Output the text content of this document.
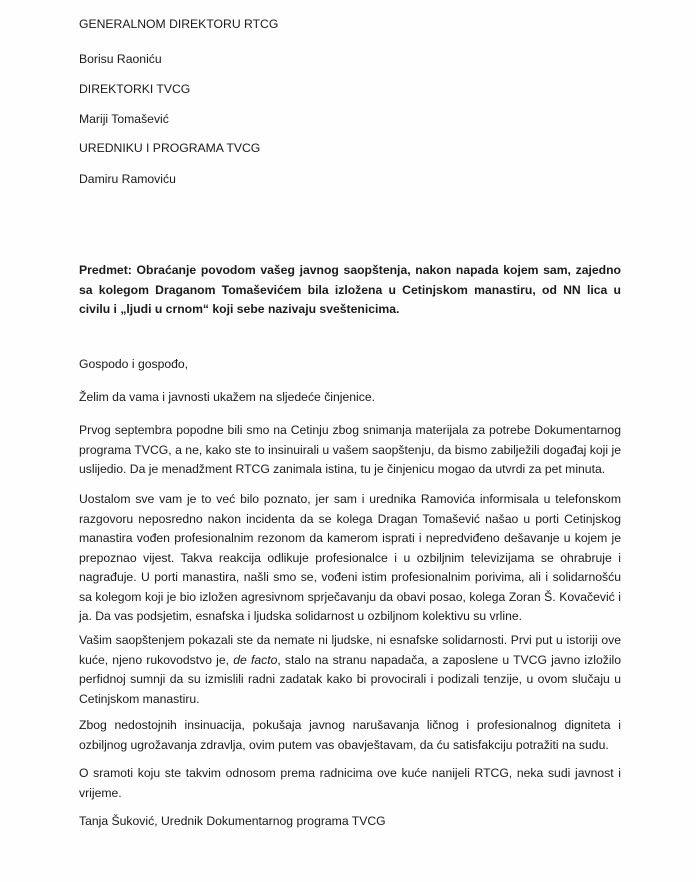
GENERALNOM DIREKTORU RTCG
Borisu Raoniću
DIREKTORKI TVCG
Mariji Tomašević
UREDNIKU I PROGRAMA TVCG
Damiru Ramoviću
Predmet: Obraćanje povodom vašeg javnog saopštenja, nakon napada kojem sam, zajedno sa kolegom Draganom Tomaševićem bila izložena u Cetinjskom manastiru, od NN lica u civilu i „ljudi u crnom“ koji sebe nazivaju sveštenicima.
Gospodo i gospođo,
Želim da vama i javnosti ukažem na sljedeće činjenice.
Prvog septembra popodne bili smo na Cetinju zbog snimanja materijala za potrebe Dokumentarnog programa TVCG, a ne, kako ste to insinuirali u vašem saopštenju, da bismo zabilježili događaj koji je uslijedio. Da je menadžment RTCG zanimala istina, tu je činjenicu mogao da utvrdi za pet minuta.
Uostalom sve vam je to već bilo poznato, jer sam i urednika Ramovića informisala u telefonskom razgovoru neposredno nakon incidenta da se kolega Dragan Tomašević našao u porti Cetinjskog manastira vođen profesionalnim rezonom da kamerom isprati i nepredviđeno dešavanje u kojem je prepoznao vijest. Takva reakcija odlikuje profesionalce i u ozbiljnim televizijama se ohrabruje i nagrađuje. U porti manastira, našli smo se, vođeni istim profesionalnim porivima, ali i solidarnošću sa kolegom koji je bio izložen agresivnom sprječavanju da obavi posao, kolega Zoran Š. Kovačević i ja. Da vas podsjetim, esnafska i ljudska solidarnost u ozbiljnom kolektivu su vrline.
Vašim saopštenjem pokazali ste da nemate ni ljudske, ni esnafske solidarnosti. Prvi put u istoriji ove kuće, njeno rukovodstvo je, de facto, stalo na stranu napadača, a zaposlene u TVCG javno izložilo perfidnoj sumnji da su izmislili radni zadatak kako bi provocirali i podizali tenzije, u ovom slučaju u Cetinjskom manastiru.
Zbog nedostojnih insinuacija, pokušaja javnog narušavanja ličnog i profesionalnog digniteta i ozbiljnog ugrožavanja zdravlja, ovim putem vas obavještavam, da ću satisfakciju potražiti na sudu.
O sramoti koju ste takvim odnosom prema radnicima ove kuće nanijeli RTCG, neka sudi javnost i vrijeme.
Tanja Šuković, Urednik Dokumentarnog programa TVCG
